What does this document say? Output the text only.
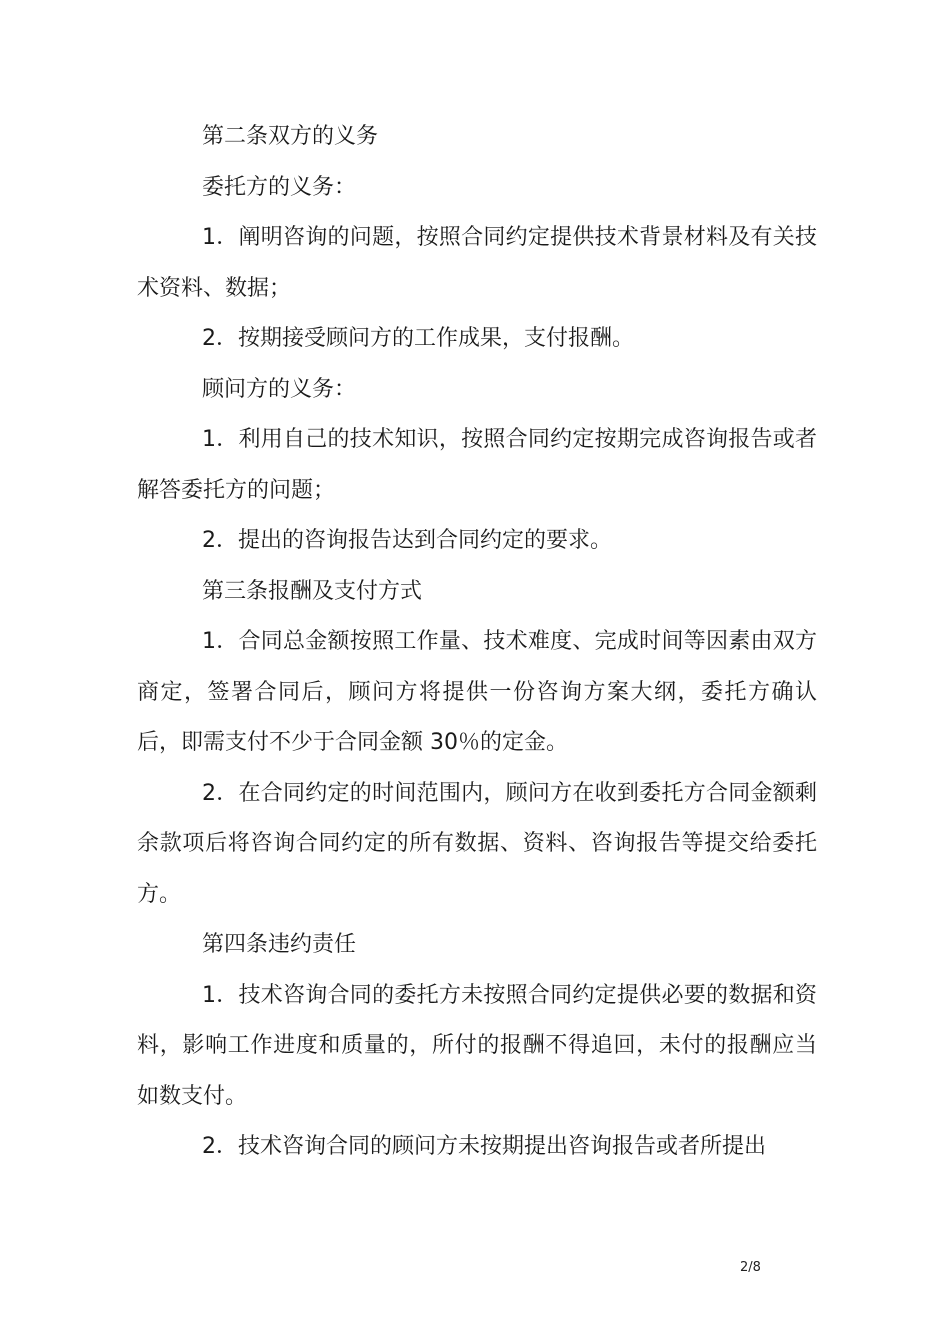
第二条双方的义务

委托方的义务：

1．阐明咨询的问题，按照合同约定提供技术背景材料及有关技术资料、数据；

2．按期接受顾问方的工作成果，支付报酬。

顾问方的义务：

1．利用自己的技术知识，按照合同约定按期完成咨询报告或者解答委托方的问题；

2．提出的咨询报告达到合同约定的要求。

第三条报酬及支付方式

1．合同总金额按照工作量、技术难度、完成时间等因素由双方商定，签署合同后，顾问方将提供一份咨询方案大纲，委托方确认后，即需支付不少于合同金额 30％的定金。

2．在合同约定的时间范围内，顾问方在收到委托方合同金额剩余款项后将咨询合同约定的所有数据、资料、咨询报告等提交给委托方。

第四条违约责任

1．技术咨询合同的委托方未按照合同约定提供必要的数据和资料，影响工作进度和质量的，所付的报酬不得追回，未付的报酬应当如数支付。

2．技术咨询合同的顾问方未按期提出咨询报告或者所提出

2/8
